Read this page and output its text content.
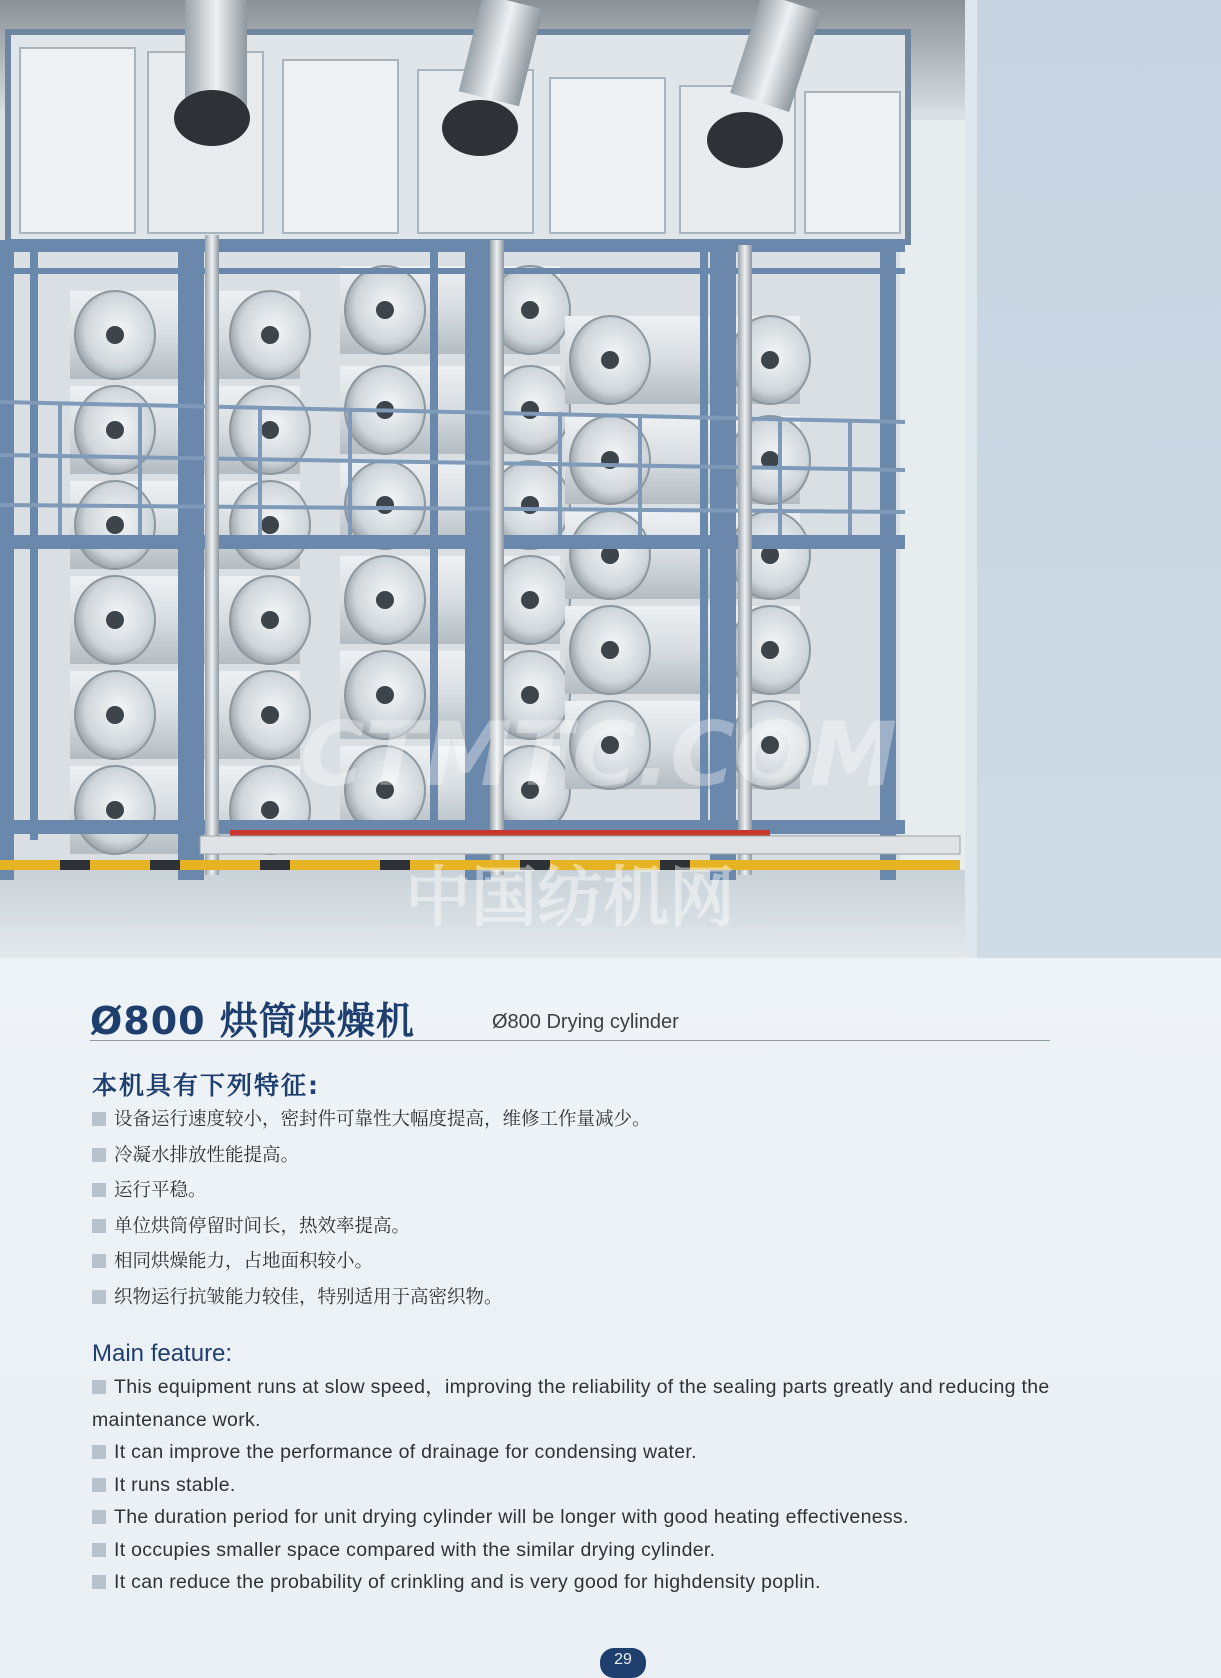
CTMTC.COM
中国纺机网
Ø800 烘筒烘燥机	Ø800 Drying cylinder
本机具有下列特征:
设备运行速度较小，密封件可靠性大幅度提高，维修工作量减少。
冷凝水排放性能提高。
运行平稳。
单位烘筒停留时间长，热效率提高。
相同烘燥能力，占地面积较小。
织物运行抗皱能力较佳，特别适用于高密织物。
Main feature:
This equipment runs at slow speed，improving the reliability of the sealing parts greatly and reducing the maintenance work.
It can improve the performance of drainage for condensing water.
It runs stable.
The duration period for unit drying cylinder will be longer with good heating effectiveness.
It occupies smaller space compared with the similar drying cylinder.
It can reduce the probability of crinkling and is very good for highdensity poplin.
29
